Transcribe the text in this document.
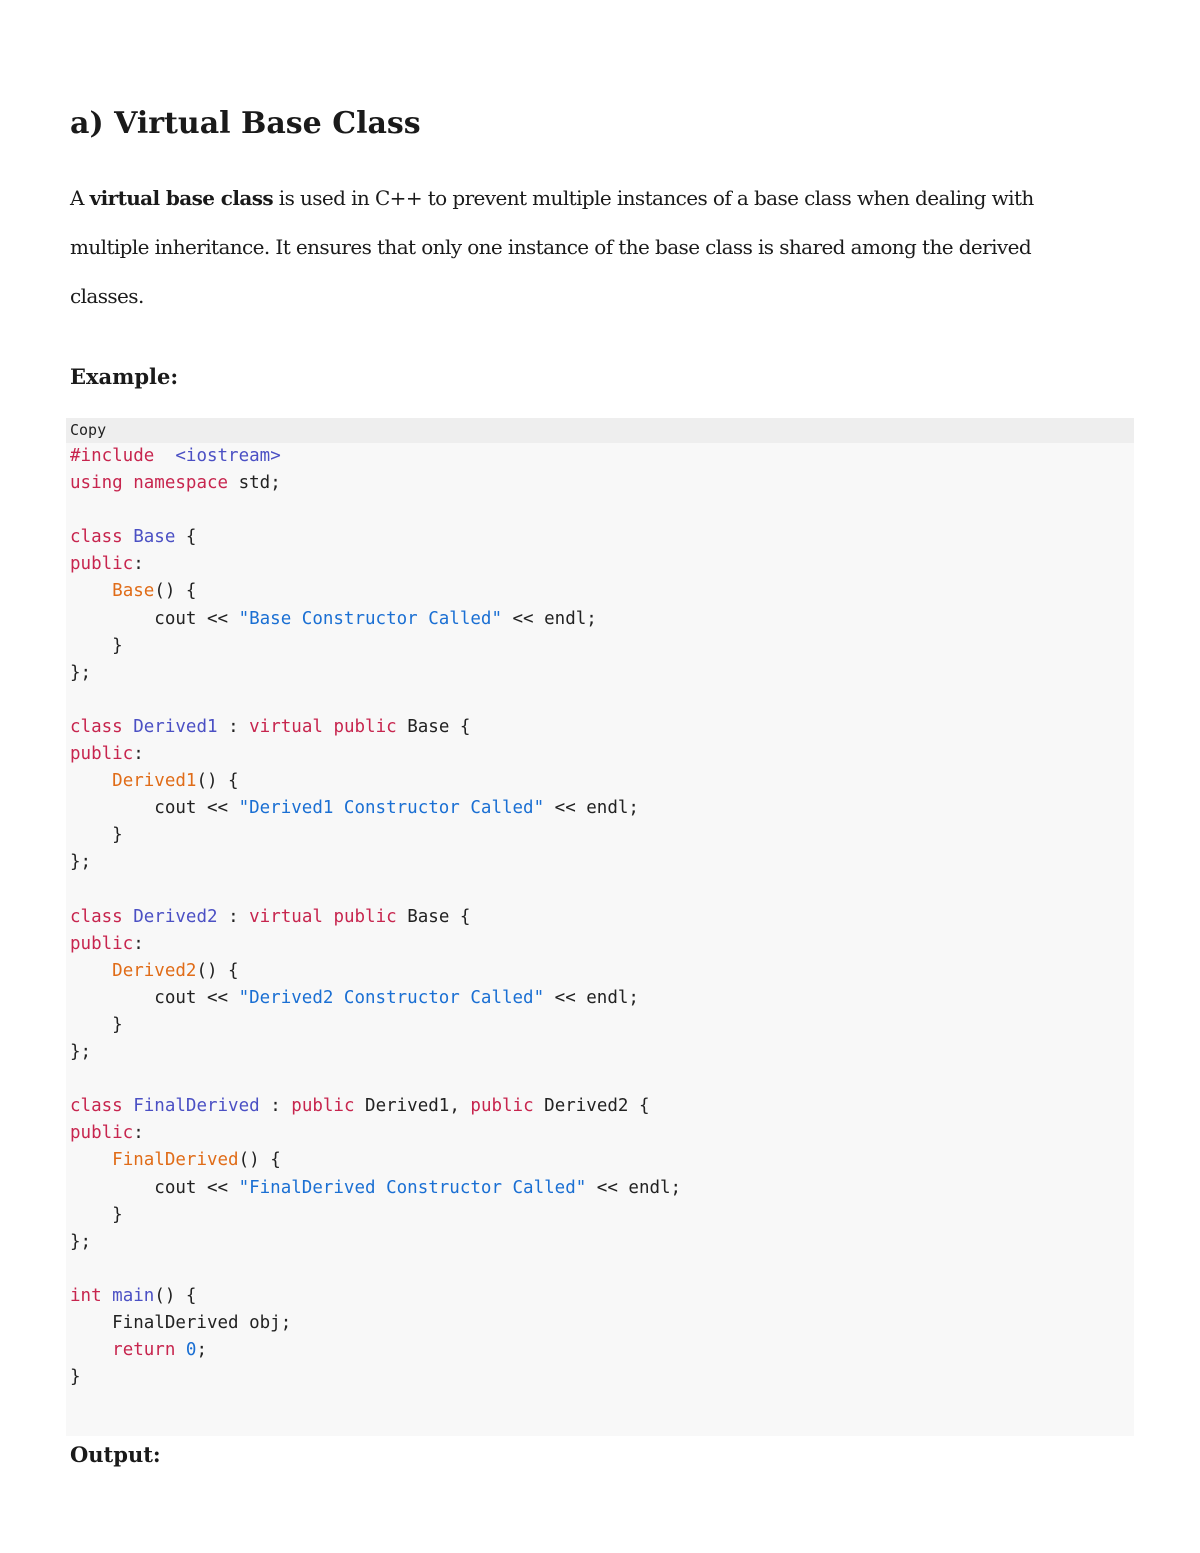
a) Virtual Base Class

A virtual base class is used in C++ to prevent multiple instances of a base class when dealing with multiple inheritance. It ensures that only one instance of the base class is shared among the derived classes.

Example:
Copy
#include <iostream>
using namespace std;

class Base {
public:
Base() {
cout << "Base Constructor Called" << endl;
}
};

class Derived1 : virtual public Base {
public:
Derived1() {
cout << "Derived1 Constructor Called" << endl;
}
};

class Derived2 : virtual public Base {
public:
Derived2() {
cout << "Derived2 Constructor Called" << endl;
}
};

class FinalDerived : public Derived1, public Derived2 {
public:
FinalDerived() {
cout << "FinalDerived Constructor Called" << endl;
}
};

int main() {
FinalDerived obj;
return 0;
}
Output:
